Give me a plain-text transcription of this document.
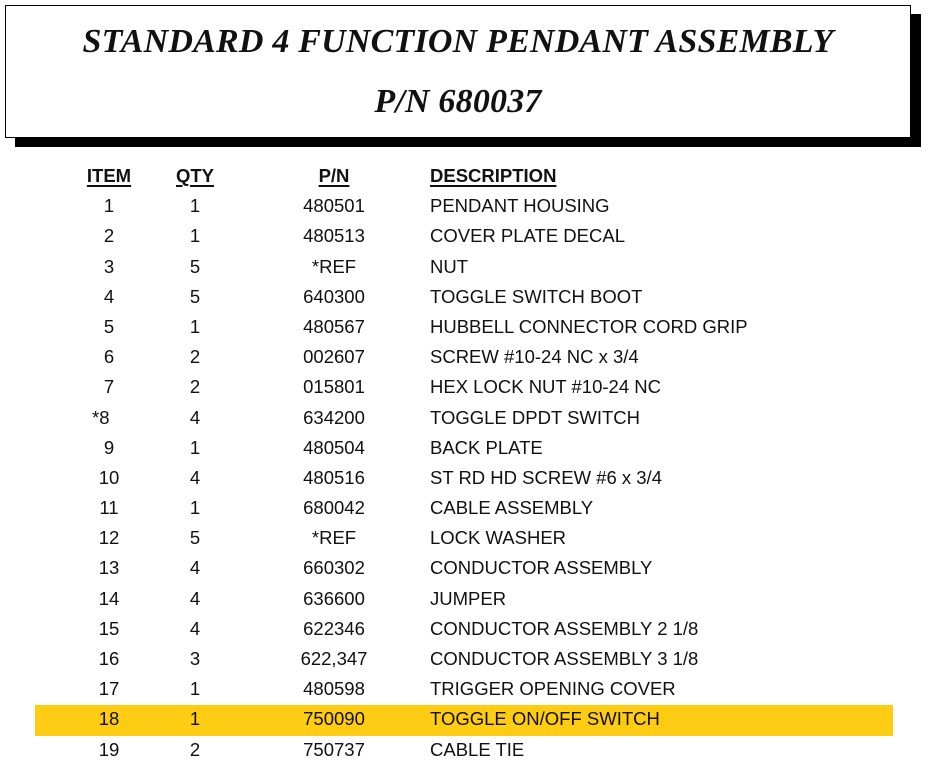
STANDARD 4 FUNCTION PENDANT ASSEMBLY
P/N 680037
ITEM	QTY	P/N	DESCRIPTION
1	1	480501	PENDANT HOUSING
2	1	480513	COVER PLATE DECAL
3	5	*REF	NUT
4	5	640300	TOGGLE SWITCH BOOT
5	1	480567	HUBBELL CONNECTOR CORD GRIP
6	2	002607	SCREW #10-24 NC x 3/4
7	2	015801	HEX LOCK NUT #10-24 NC
*8	4	634200	TOGGLE DPDT SWITCH
9	1	480504	BACK PLATE
10	4	480516	ST RD HD SCREW #6 x 3/4
11	1	680042	CABLE ASSEMBLY
12	5	*REF	LOCK WASHER
13	4	660302	CONDUCTOR ASSEMBLY
14	4	636600	JUMPER
15	4	622346	CONDUCTOR ASSEMBLY 2 1/8
16	3	622,347	CONDUCTOR ASSEMBLY 3 1/8
17	1	480598	TRIGGER OPENING COVER
18	1	750090	TOGGLE ON/OFF SWITCH
19	2	750737	CABLE TIE
